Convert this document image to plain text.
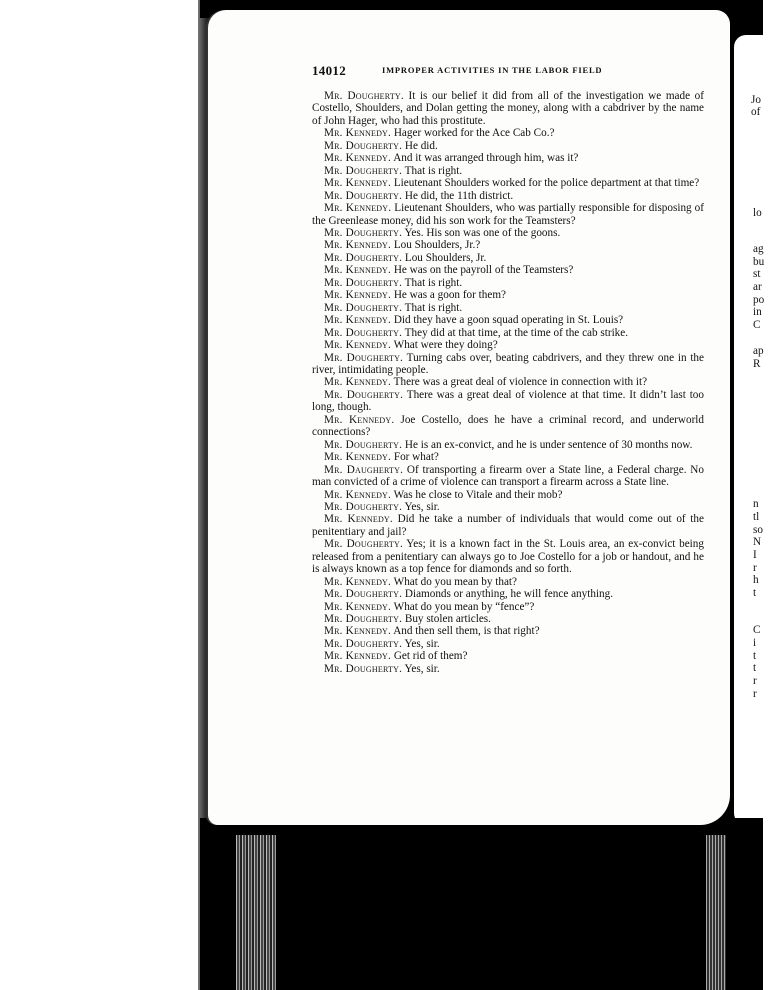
14012	IMPROPER ACTIVITIES IN THE LABOR FIELD

Mr. Dougherty. It is our belief it did from all of the investigation we made of Costello, Shoulders, and Dolan getting the money, along with a cabdriver by the name of John Hager, who had this prostitute.

Mr. Kennedy. Hager worked for the Ace Cab Co.?

Mr. Dougherty. He did.

Mr. Kennedy. And it was arranged through him, was it?

Mr. Dougherty. That is right.

Mr. Kennedy. Lieutenant Shoulders worked for the police department at that time?

Mr. Dougherty. He did, the 11th district.

Mr. Kennedy. Lieutenant Shoulders, who was partially responsible for disposing of the Greenlease money, did his son work for the Teamsters?

Mr. Dougherty. Yes. His son was one of the goons.

Mr. Kennedy. Lou Shoulders, Jr.?

Mr. Dougherty. Lou Shoulders, Jr.

Mr. Kennedy. He was on the payroll of the Teamsters?

Mr. Dougherty. That is right.

Mr. Kennedy. He was a goon for them?

Mr. Dougherty. That is right.

Mr. Kennedy. Did they have a goon squad operating in St. Louis?

Mr. Dougherty. They did at that time, at the time of the cab strike.

Mr. Kennedy. What were they doing?

Mr. Dougherty. Turning cabs over, beating cabdrivers, and they threw one in the river, intimidating people.

Mr. Kennedy. There was a great deal of violence in connection with it?

Mr. Dougherty. There was a great deal of violence at that time. It didn’t last too long, though.

Mr. Kennedy. Joe Costello, does he have a criminal record, and underworld connections?

Mr. Dougherty. He is an ex-convict, and he is under sentence of 30 months now.

Mr. Kennedy. For what?

Mr. Daugherty. Of transporting a firearm over a State line, a Federal charge. No man convicted of a crime of violence can transport a firearm across a State line.

Mr. Kennedy. Was he close to Vitale and their mob?

Mr. Dougherty. Yes, sir.

Mr. Kennedy. Did he take a number of individuals that would come out of the penitentiary and jail?

Mr. Dougherty. Yes; it is a known fact in the St. Louis area, an ex-convict being released from a penitentiary can always go to Joe Costello for a job or handout, and he is always known as a top fence for diamonds and so forth.

Mr. Kennedy. What do you mean by that?

Mr. Dougherty. Diamonds or anything, he will fence anything.

Mr. Kennedy. What do you mean by “fence”?

Mr. Dougherty. Buy stolen articles.

Mr. Kennedy. And then sell them, is that right?

Mr. Dougherty. Yes, sir.

Mr. Kennedy. Get rid of them?

Mr. Dougherty. Yes, sir.

Jo
of
lo
ag
bu
st
ar
po
in
C
ap
R
n
tl
so
N
I
r
h
t
C
i
t
t
r
r
